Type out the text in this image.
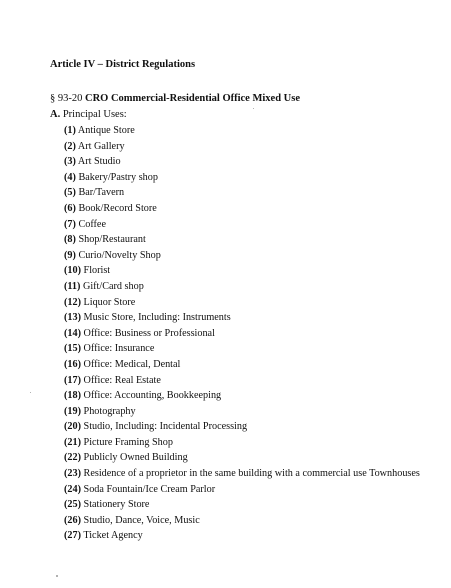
Article IV – District Regulations
§ 93-20 CRO Commercial-Residential Office Mixed Use
A. Principal Uses:
(1) Antique Store
(2) Art Gallery
(3) Art Studio
(4) Bakery/Pastry shop
(5) Bar/Tavern
(6) Book/Record Store
(7) Coffee
(8) Shop/Restaurant
(9) Curio/Novelty Shop
(10) Florist
(11) Gift/Card shop
(12) Liquor Store
(13) Music Store, Including: Instruments
(14) Office: Business or Professional
(15) Office: Insurance
(16) Office: Medical, Dental
(17) Office: Real Estate
(18) Office: Accounting, Bookkeeping
(19) Photography
(20) Studio, Including: Incidental Processing
(21) Picture Framing Shop
(22) Publicly Owned Building
(23) Residence of a proprietor in the same building with a commercial use Townhouses
(24) Soda Fountain/Ice Cream Parlor
(25) Stationery Store
(26) Studio, Dance, Voice, Music
(27) Ticket Agency
